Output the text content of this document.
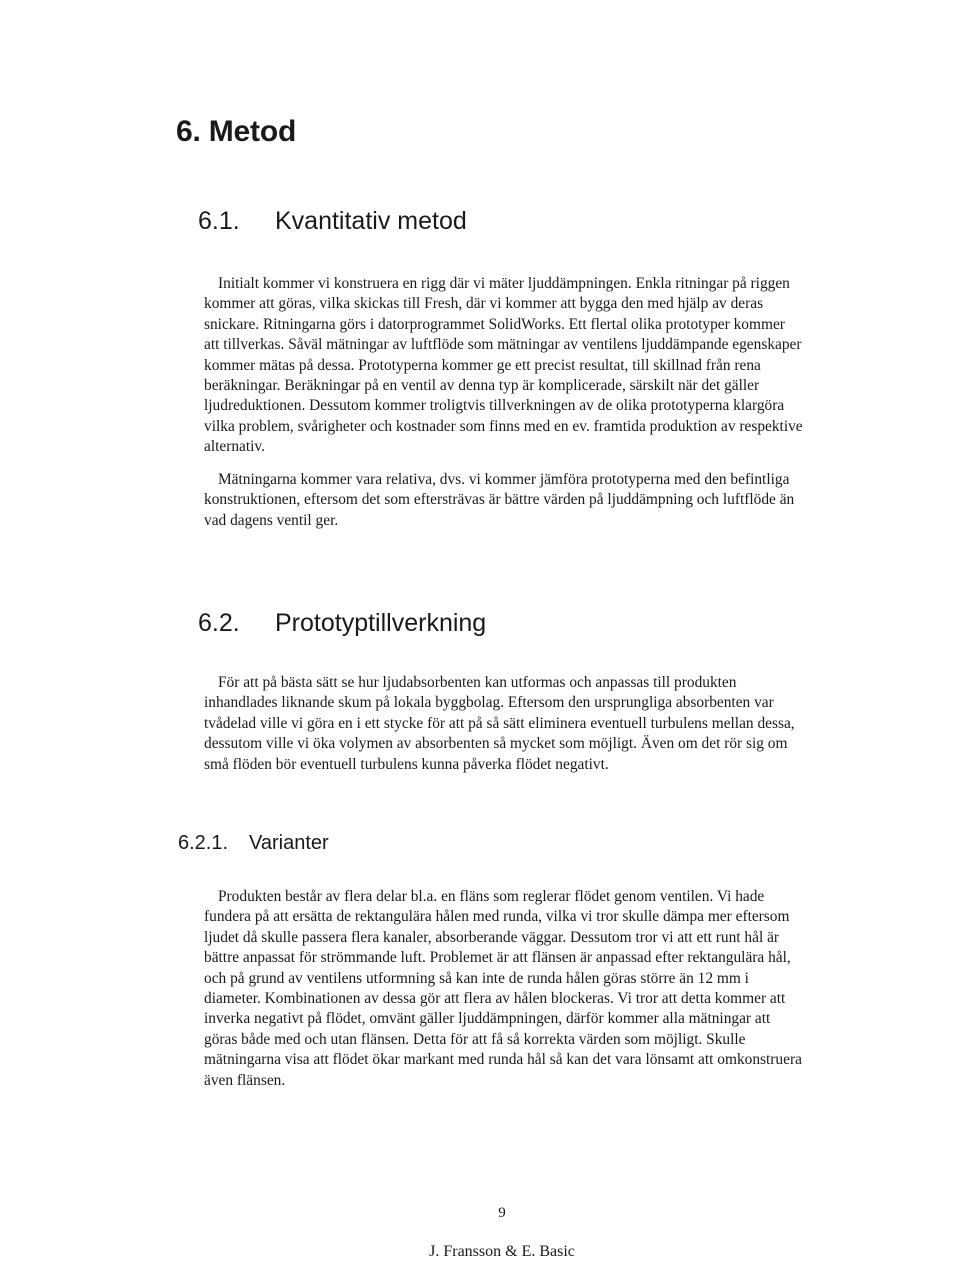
6. Metod
6.1. Kvantitativ metod

Initialt kommer vi konstruera en rigg där vi mäter ljuddämpningen. Enkla ritningar på riggen kommer att göras, vilka skickas till Fresh, där vi kommer att bygga den med hjälp av deras snickare. Ritningarna görs i datorprogrammet SolidWorks. Ett flertal olika prototyper kommer att tillverkas. Såväl mätningar av luftflöde som mätningar av ventilens ljuddämpande egenskaper kommer mätas på dessa. Prototyperna kommer ge ett precist resultat, till skillnad från rena beräkningar. Beräkningar på en ventil av denna typ är komplicerade, särskilt när det gäller ljudreduktionen. Dessutom kommer troligtvis tillverkningen av de olika prototyperna klargöra vilka problem, svårigheter och kostnader som finns med en ev. framtida produktion av respektive alternativ.

Mätningarna kommer vara relativa, dvs. vi kommer jämföra prototyperna med den befintliga konstruktionen, eftersom det som eftersträvas är bättre värden på ljuddämpning och luftflöde än vad dagens ventil ger.

6.2. Prototyptillverkning

För att på bästa sätt se hur ljudabsorbenten kan utformas och anpassas till produkten inhandlades liknande skum på lokala byggbolag. Eftersom den ursprungliga absorbenten var tvådelad ville vi göra en i ett stycke för att på så sätt eliminera eventuell turbulens mellan dessa, dessutom ville vi öka volymen av absorbenten så mycket som möjligt. Även om det rör sig om små flöden bör eventuell turbulens kunna påverka flödet negativt.

6.2.1. Varianter

Produkten består av flera delar bl.a. en fläns som reglerar flödet genom ventilen. Vi hade fundera på att ersätta de rektangulära hålen med runda, vilka vi tror skulle dämpa mer eftersom ljudet då skulle passera flera kanaler, absorberande väggar. Dessutom tror vi att ett runt hål är bättre anpassat för strömmande luft. Problemet är att flänsen är anpassad efter rektangulära hål, och på grund av ventilens utformning så kan inte de runda hålen göras större än 12 mm i diameter. Kombinationen av dessa gör att flera av hålen blockeras. Vi tror att detta kommer att inverka negativt på flödet, omvänt gäller ljuddämpningen, därför kommer alla mätningar att göras både med och utan flänsen. Detta för att få så korrekta värden som möjligt. Skulle mätningarna visa att flödet ökar markant med runda hål så kan det vara lönsamt att omkonstruera även flänsen.

9

J. Fransson & E. Basic
